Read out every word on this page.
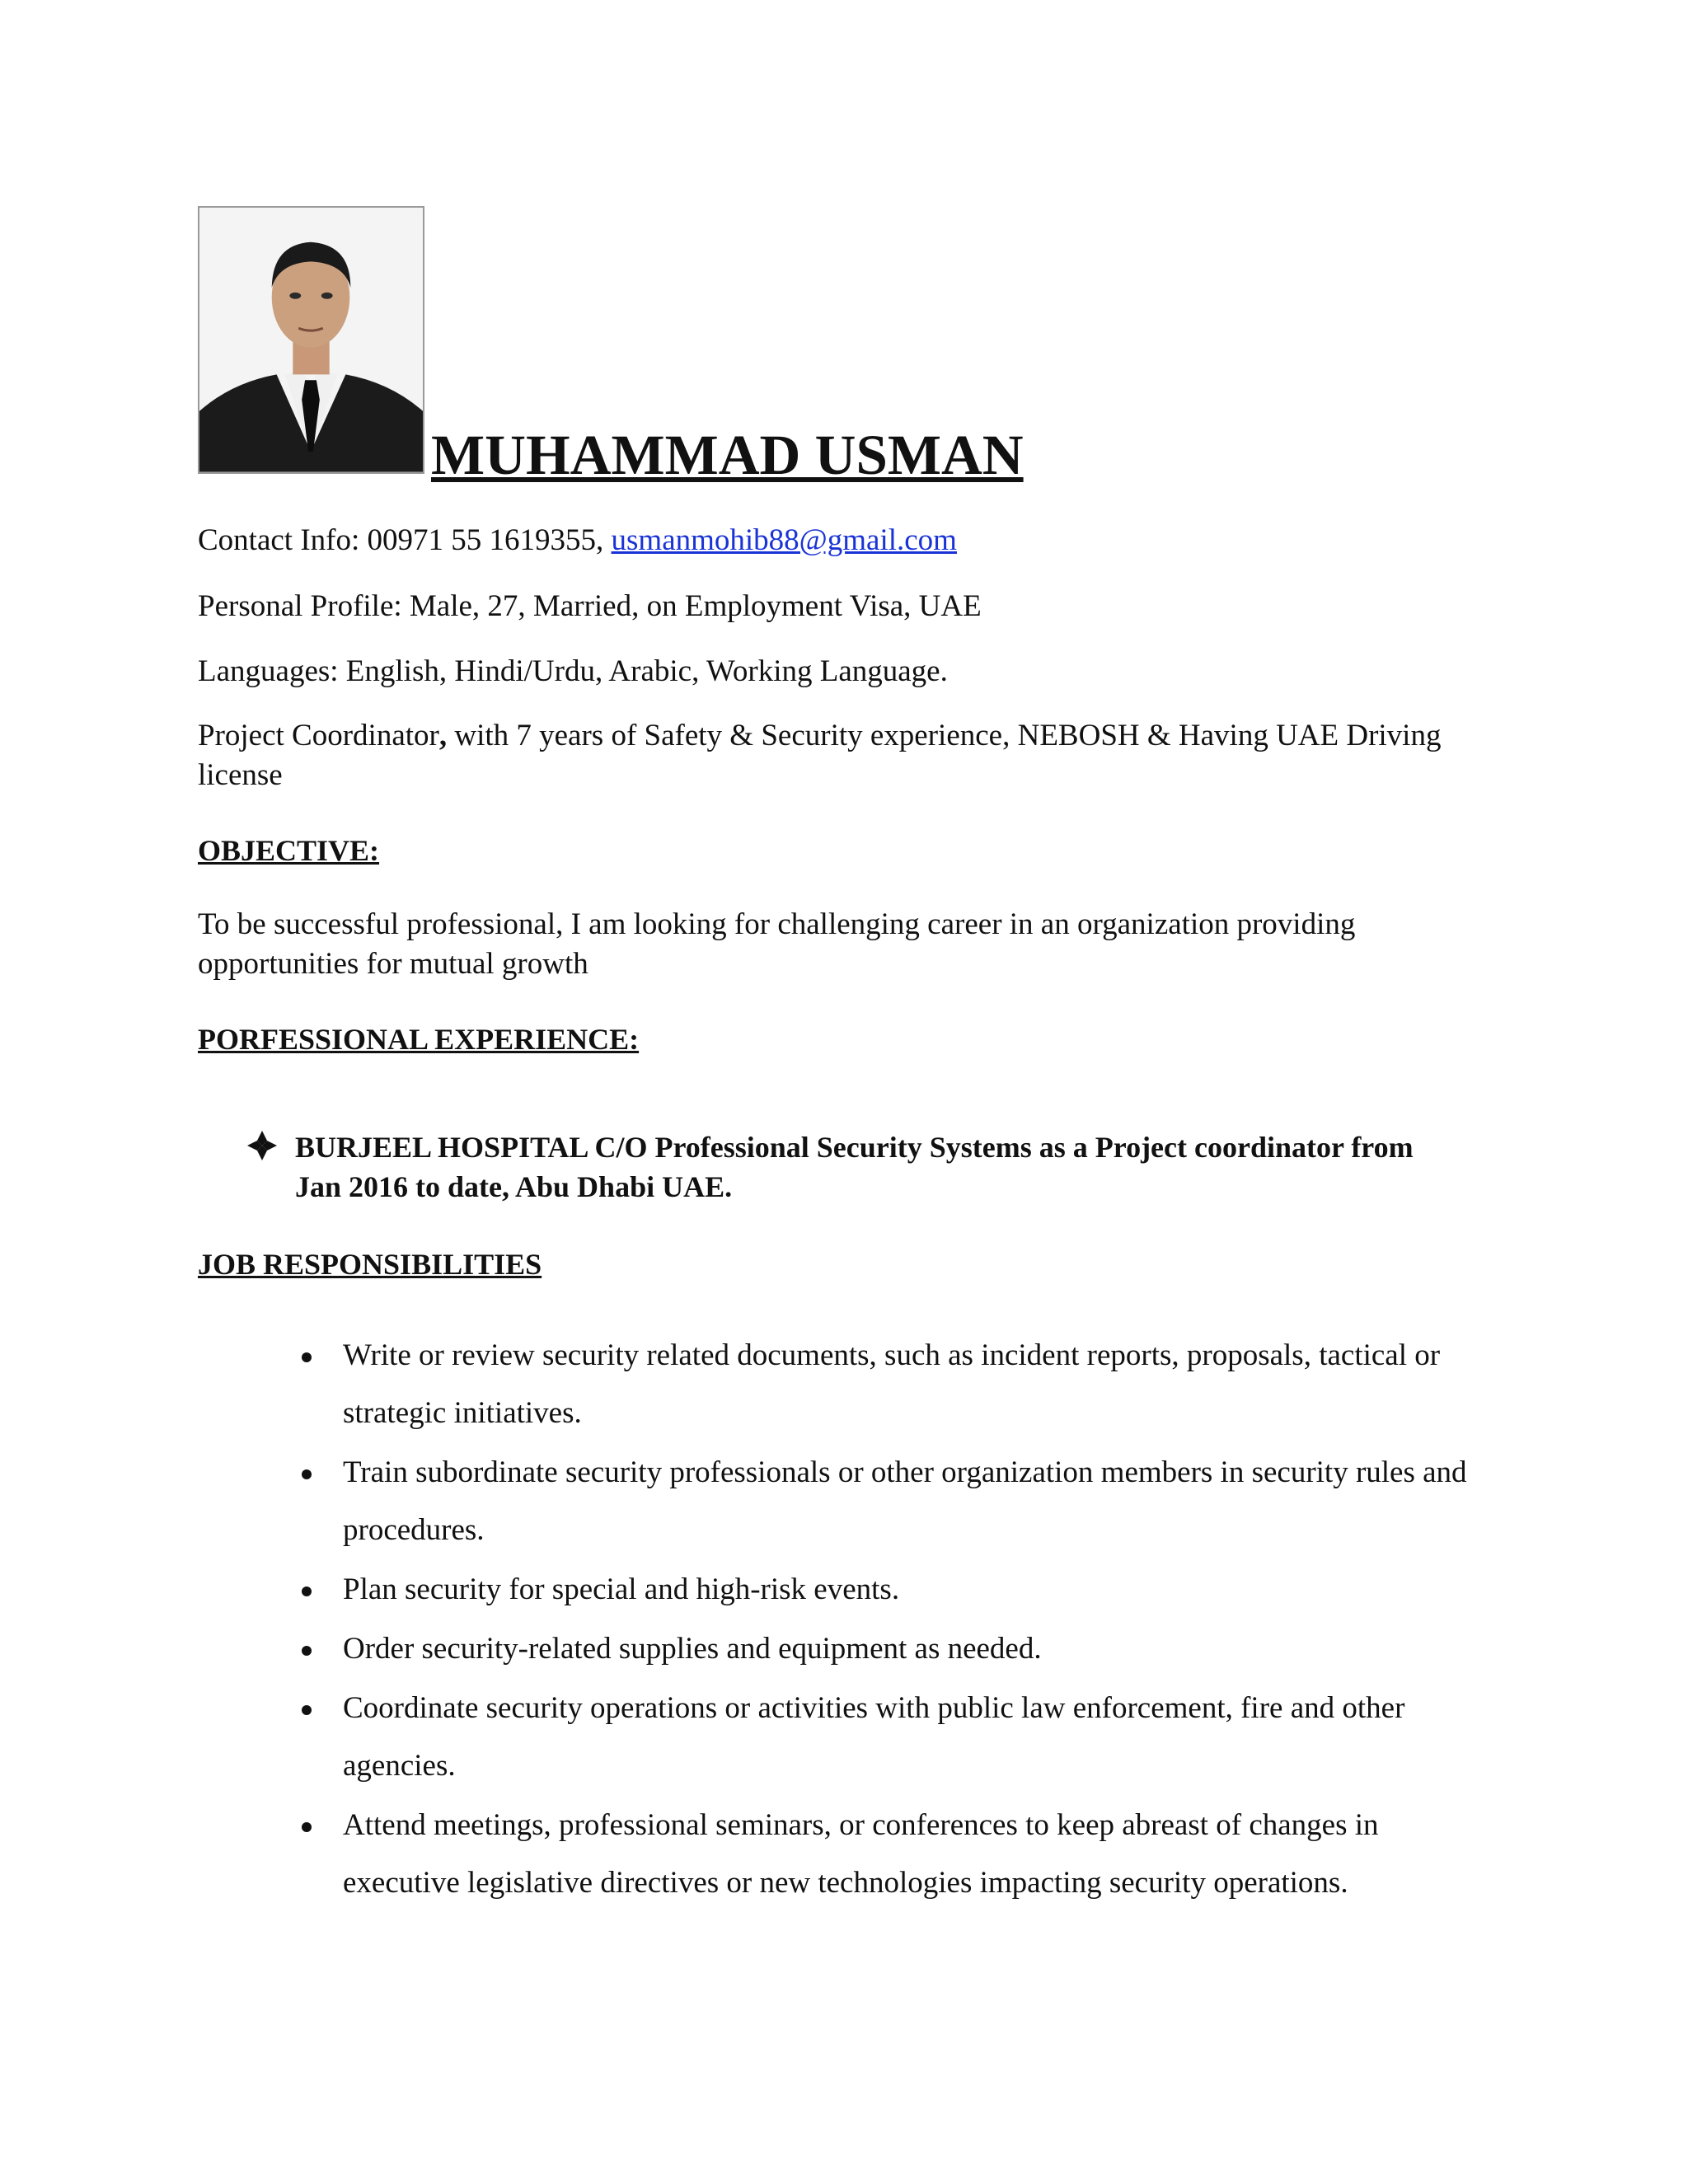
MUHAMMAD USMAN

Contact Info: 00971 55 1619355, usmanmohib88@gmail.com

Personal Profile: Male, 27, Married, on Employment Visa, UAE

Languages: English, Hindi/Urdu, Arabic, Working Language.

Project Coordinator, with 7 years of Safety & Security experience, NEBOSH & Having UAE Driving license

OBJECTIVE:

To be successful professional, I am looking for challenging career in an organization providing opportunities for mutual growth

PORFESSIONAL EXPERIENCE:
BURJEEL HOSPITAL C/O Professional Security Systems as a Project coordinator from Jan 2016 to date, Abu Dhabi UAE.
JOB RESPONSIBILITIES
Write or review security related documents, such as incident reports, proposals, tactical or strategic initiatives.
Train subordinate security professionals or other organization members in security rules and procedures.
Plan security for special and high-risk events.
Order security-related supplies and equipment as needed.
Coordinate security operations or activities with public law enforcement, fire and other agencies.
Attend meetings, professional seminars, or conferences to keep abreast of changes in executive legislative directives or new technologies impacting security operations.
